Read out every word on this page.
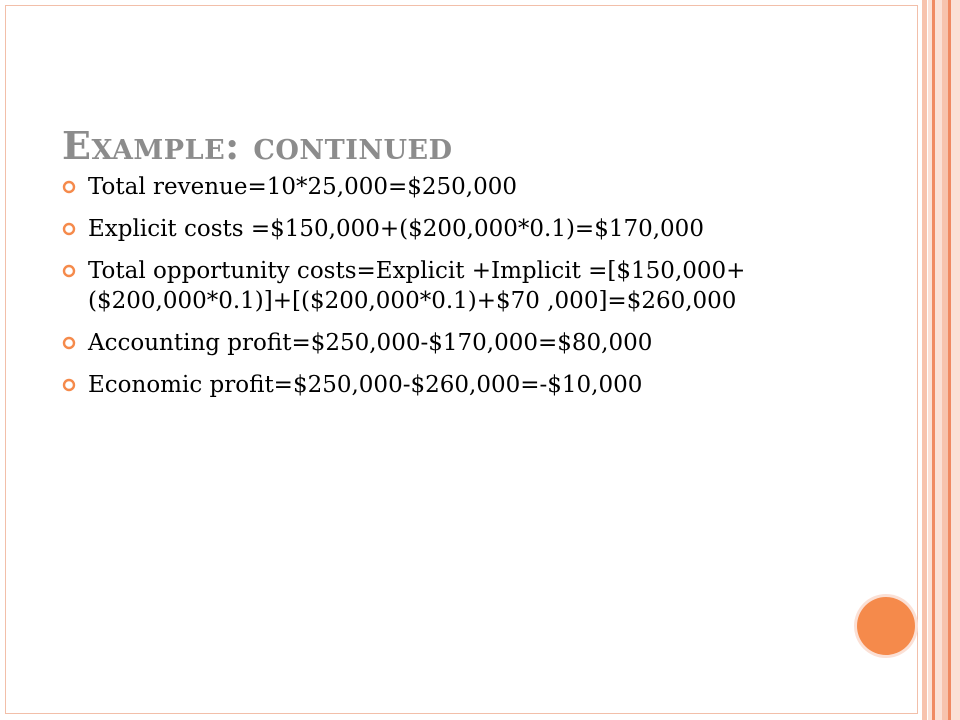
Example: continued
Total revenue=10*25,000=$250,000
Explicit costs =$150,000+($200,000*0.1)=$170,000
Total opportunity costs=Explicit +Implicit =[$150,000+($200,000*0.1)]+[($200,000*0.1)+$70 ,000]=$260,000
Accounting profit=$250,000-$170,000=$80,000
Economic profit=$250,000-$260,000=-$10,000
